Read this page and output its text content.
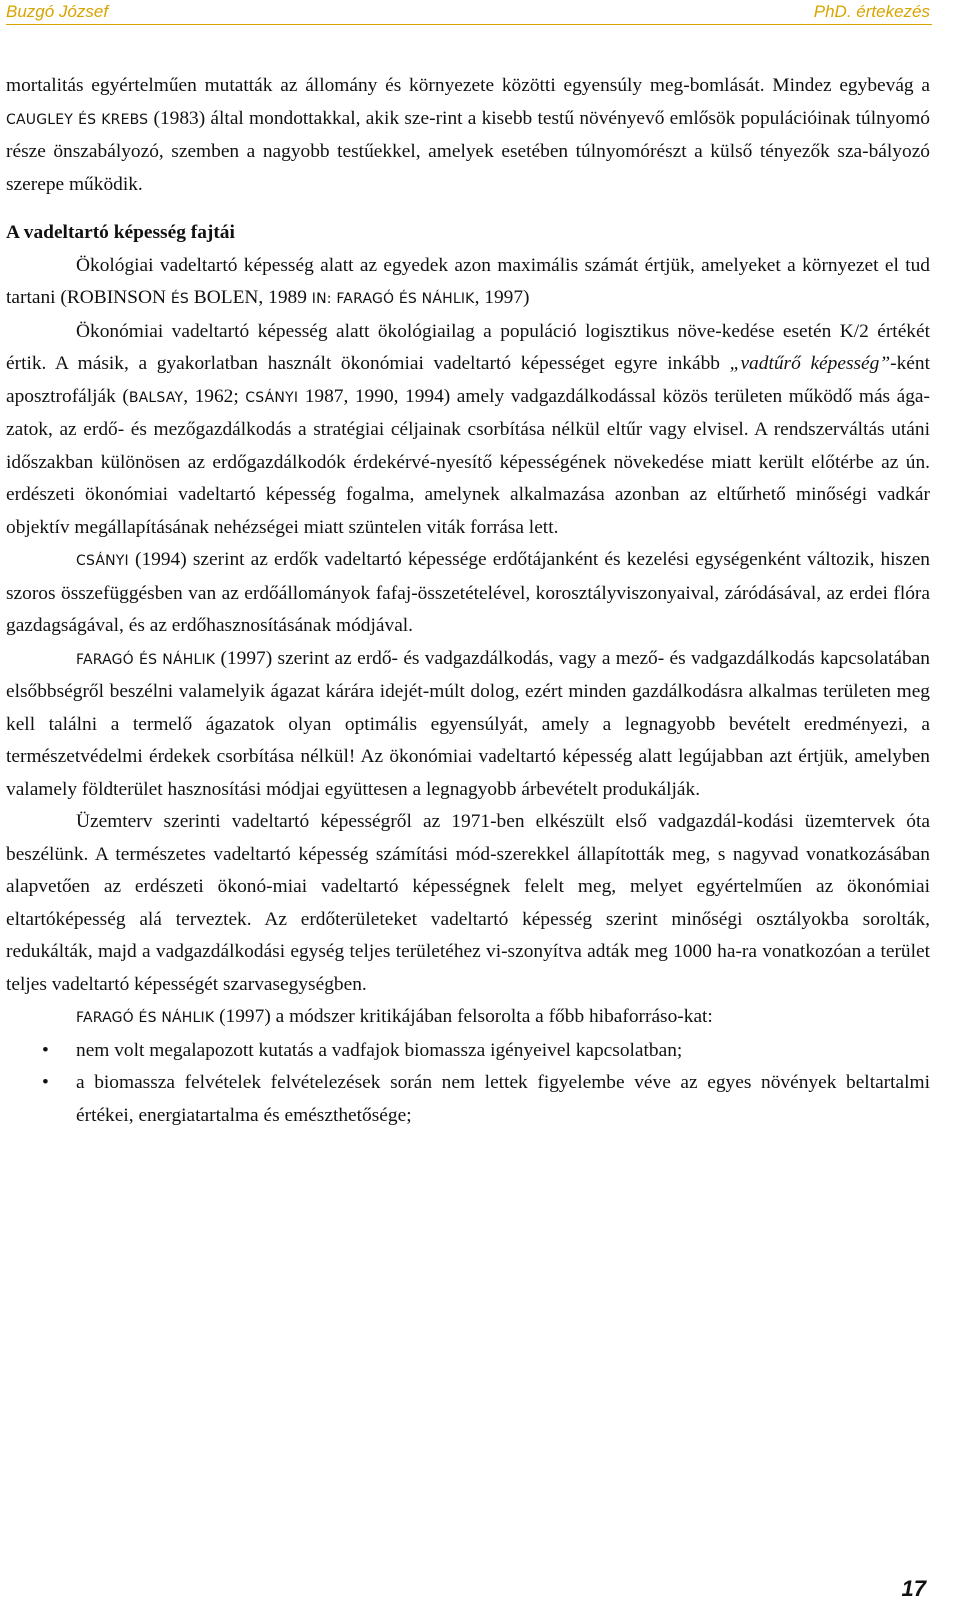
Buzgó József	PhD. értekezés

mortalitás egyértelműen mutatták az állomány és környezete közötti egyensúly meg-bomlását. Mindez egybevág a CAUGLEY ÉS KREBS (1983) által mondottakkal, akik sze-rint a kisebb testű növényevő emlősök populációinak túlnyomó része önszabályozó, szemben a nagyobb testűekkel, amelyek esetében túlnyomórészt a külső tényezők sza-bályozó szerepe működik.

A vadeltartó képesség fajtái

Ökológiai vadeltartó képesség alatt az egyedek azon maximális számát értjük, amelyeket a környezet el tud tartani (ROBINSON ÉS BOLEN, 1989 IN: FARAGÓ ÉS NÁHLIK, 1997)

Ökonómiai vadeltartó képesség alatt ökológiailag a populáció logisztikus növe-kedése esetén K/2 értékét értik. A másik, a gyakorlatban használt ökonómiai vadeltartó képességet egyre inkább „vadtűrő képesség”-ként aposztrofálják (BALSAY, 1962; CSÁNYI 1987, 1990, 1994) amely vadgazdálkodással közös területen működő más ága-zatok, az erdő- és mezőgazdálkodás a stratégiai céljainak csorbítása nélkül eltűr vagy elvisel. A rendszerváltás utáni időszakban különösen az erdőgazdálkodók érdekérvé-nyesítő képességének növekedése miatt került előtérbe az ún. erdészeti ökonómiai vadeltartó képesség fogalma, amelynek alkalmazása azonban az eltűrhető minőségi vadkár objektív megállapításának nehézségei miatt szüntelen viták forrása lett.

CSÁNYI (1994) szerint az erdők vadeltartó képessége erdőtájanként és kezelési egységenként változik, hiszen szoros összefüggésben van az erdőállományok fafaj-összetételével, korosztályviszonyaival, záródásával, az erdei flóra gazdagságával, és az erdőhasznosításának módjával.

FARAGÓ ÉS NÁHLIK (1997) szerint az erdő- és vadgazdálkodás, vagy a mező- és vadgazdálkodás kapcsolatában elsőbbségről beszélni valamelyik ágazat kárára idejét-múlt dolog, ezért minden gazdálkodásra alkalmas területen meg kell találni a termelő ágazatok olyan optimális egyensúlyát, amely a legnagyobb bevételt eredményezi, a természetvédelmi érdekek csorbítása nélkül! Az ökonómiai vadeltartó képesség alatt legújabban azt értjük, amelyben valamely földterület hasznosítási módjai együttesen a legnagyobb árbevételt produkálják.

Üzemterv szerinti vadeltartó képességről az 1971-ben elkészült első vadgazdál-kodási üzemtervek óta beszélünk. A természetes vadeltartó képesség számítási mód-szerekkel állapították meg, s nagyvad vonatkozásában alapvetően az erdészeti ökonó-miai vadeltartó képességnek felelt meg, melyet egyértelműen az ökonómiai eltartóképesség alá terveztek. Az erdőterületeket vadeltartó képesség szerint minőségi osztályokba sorolták, redukálták, majd a vadgazdálkodási egység teljes területéhez vi-szonyítva adták meg 1000 ha-ra vonatkozóan a terület teljes vadeltartó képességét szarvasegységben.

FARAGÓ ÉS NÁHLIK (1997) a módszer kritikájában felsorolta a főbb hibaforráso-kat:

• nem volt megalapozott kutatás a vadfajok biomassza igényeivel kapcsolatban;
• a biomassza felvételek felvételezések során nem lettek figyelembe véve az egyes növények beltartalmi értékei, energiatartalma és emészthetősége;
17
